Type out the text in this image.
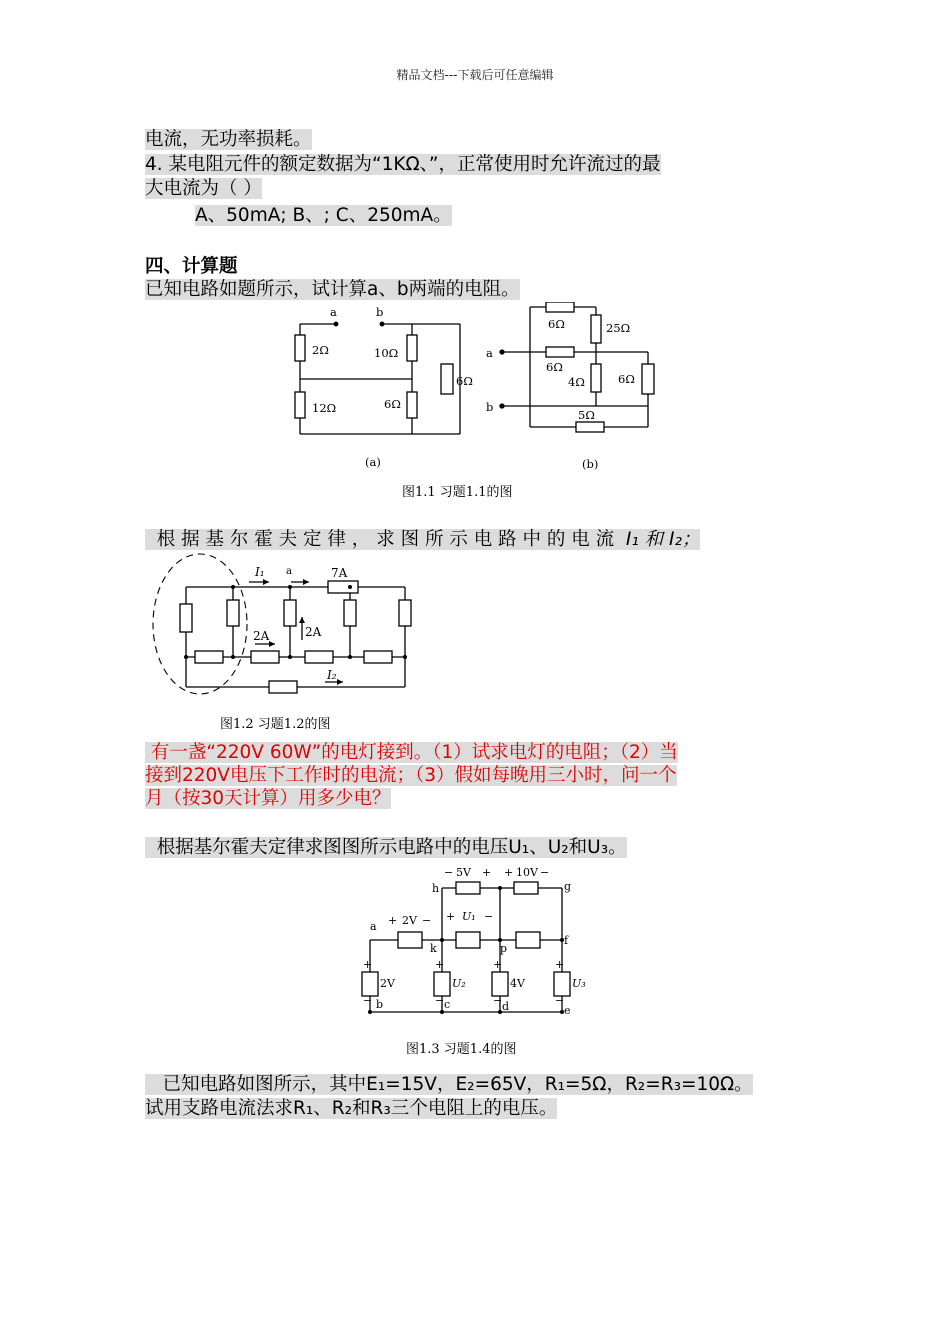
精品文档---下载后可任意编辑
电流，无功率损耗。
4. 某电阻元件的额定数据为“1KΩ、”，正常使用时允许流过的最
大电流为（ ）
A、50mA; B、; C、250mA。
四、计算题
已知电路如题所示，试计算a、b两端的电阻。
a	b
2Ω	10Ω
12Ω	6Ω
6Ω
(a)
a
b
6Ω	25Ω
6Ω
4Ω	6Ω
5Ω
(b)
图1.1 习题1.1的图
根 据 基 尔 霍 夫 定 律 ， 求 图 所 示 电 路 中 的 电 流 I₁ 和 I₂；
I₁ a	7A
2A	2A
I₂
图1.2 习题1.2的图
有一盏“220V 60W”的电灯接到。（1）试求电灯的电阻；（2）当
接到220V电压下工作时的电流；（3）假如每晚用三小时，问一个
月（按30天计算）用多少电？
根据基尔霍夫定律求图图所示电路中的电压U₁、U₂和U₃。
5V
−	+ 10V
+ −
h	g
a + 2V − + U₁ −
k	p
f
+
−
2V
+
−
U₂
+
−
4V
+
−
U₃
b	c	d	e
图1.3 习题1.4的图
已知电路如图所示，其中E₁=15V，E₂=65V，R₁=5Ω，R₂=R₃=10Ω。
试用支路电流法求R₁、R₂和R₃三个电阻上的电压。
